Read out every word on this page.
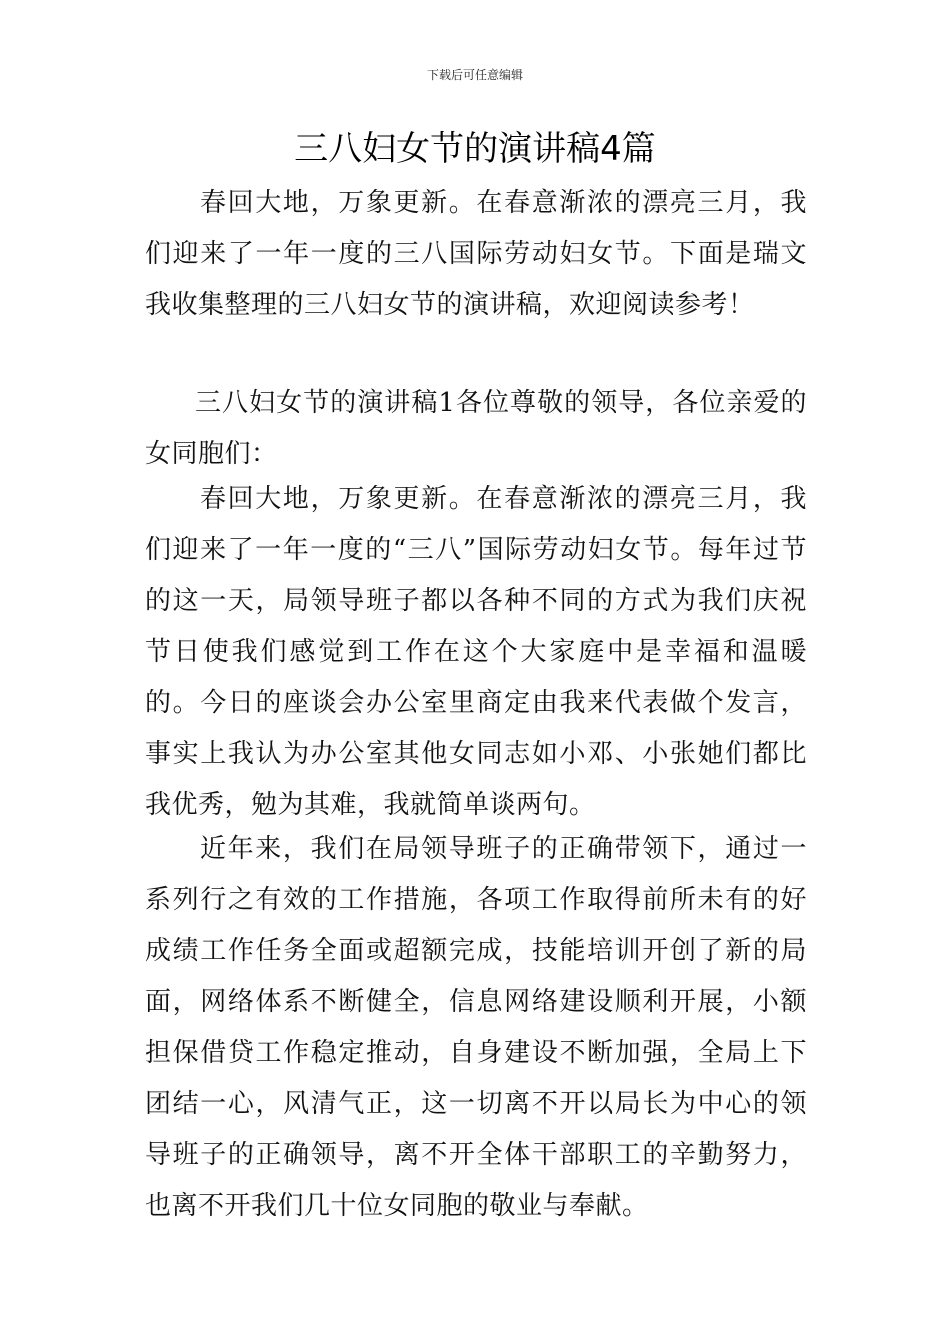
下载后可任意编辑
三八妇女节的演讲稿4篇

春回大地，万象更新。在春意渐浓的漂亮三月，我们迎来了一年一度的三八国际劳动妇女节。下面是瑞文我收集整理的三八妇女节的演讲稿，欢迎阅读参考！

三八妇女节的演讲稿1各位尊敬的领导，各位亲爱的女同胞们：

春回大地，万象更新。在春意渐浓的漂亮三月，我们迎来了一年一度的“三八”国际劳动妇女节。每年过节的这一天，局领导班子都以各种不同的方式为我们庆祝节日使我们感觉到工作在这个大家庭中是幸福和温暖的。今日的座谈会办公室里商定由我来代表做个发言，事实上我认为办公室其他女同志如小邓、小张她们都比我优秀，勉为其难，我就简单谈两句。

近年来，我们在局领导班子的正确带领下，通过一系列行之有效的工作措施，各项工作取得前所未有的好成绩工作任务全面或超额完成，技能培训开创了新的局面，网络体系不断健全，信息网络建设顺利开展，小额担保借贷工作稳定推动，自身建设不断加强，全局上下团结一心，风清气正，这一切离不开以局长为中心的领导班子的正确领导，离不开全体干部职工的辛勤努力，也离不开我们几十位女同胞的敬业与奉献。
